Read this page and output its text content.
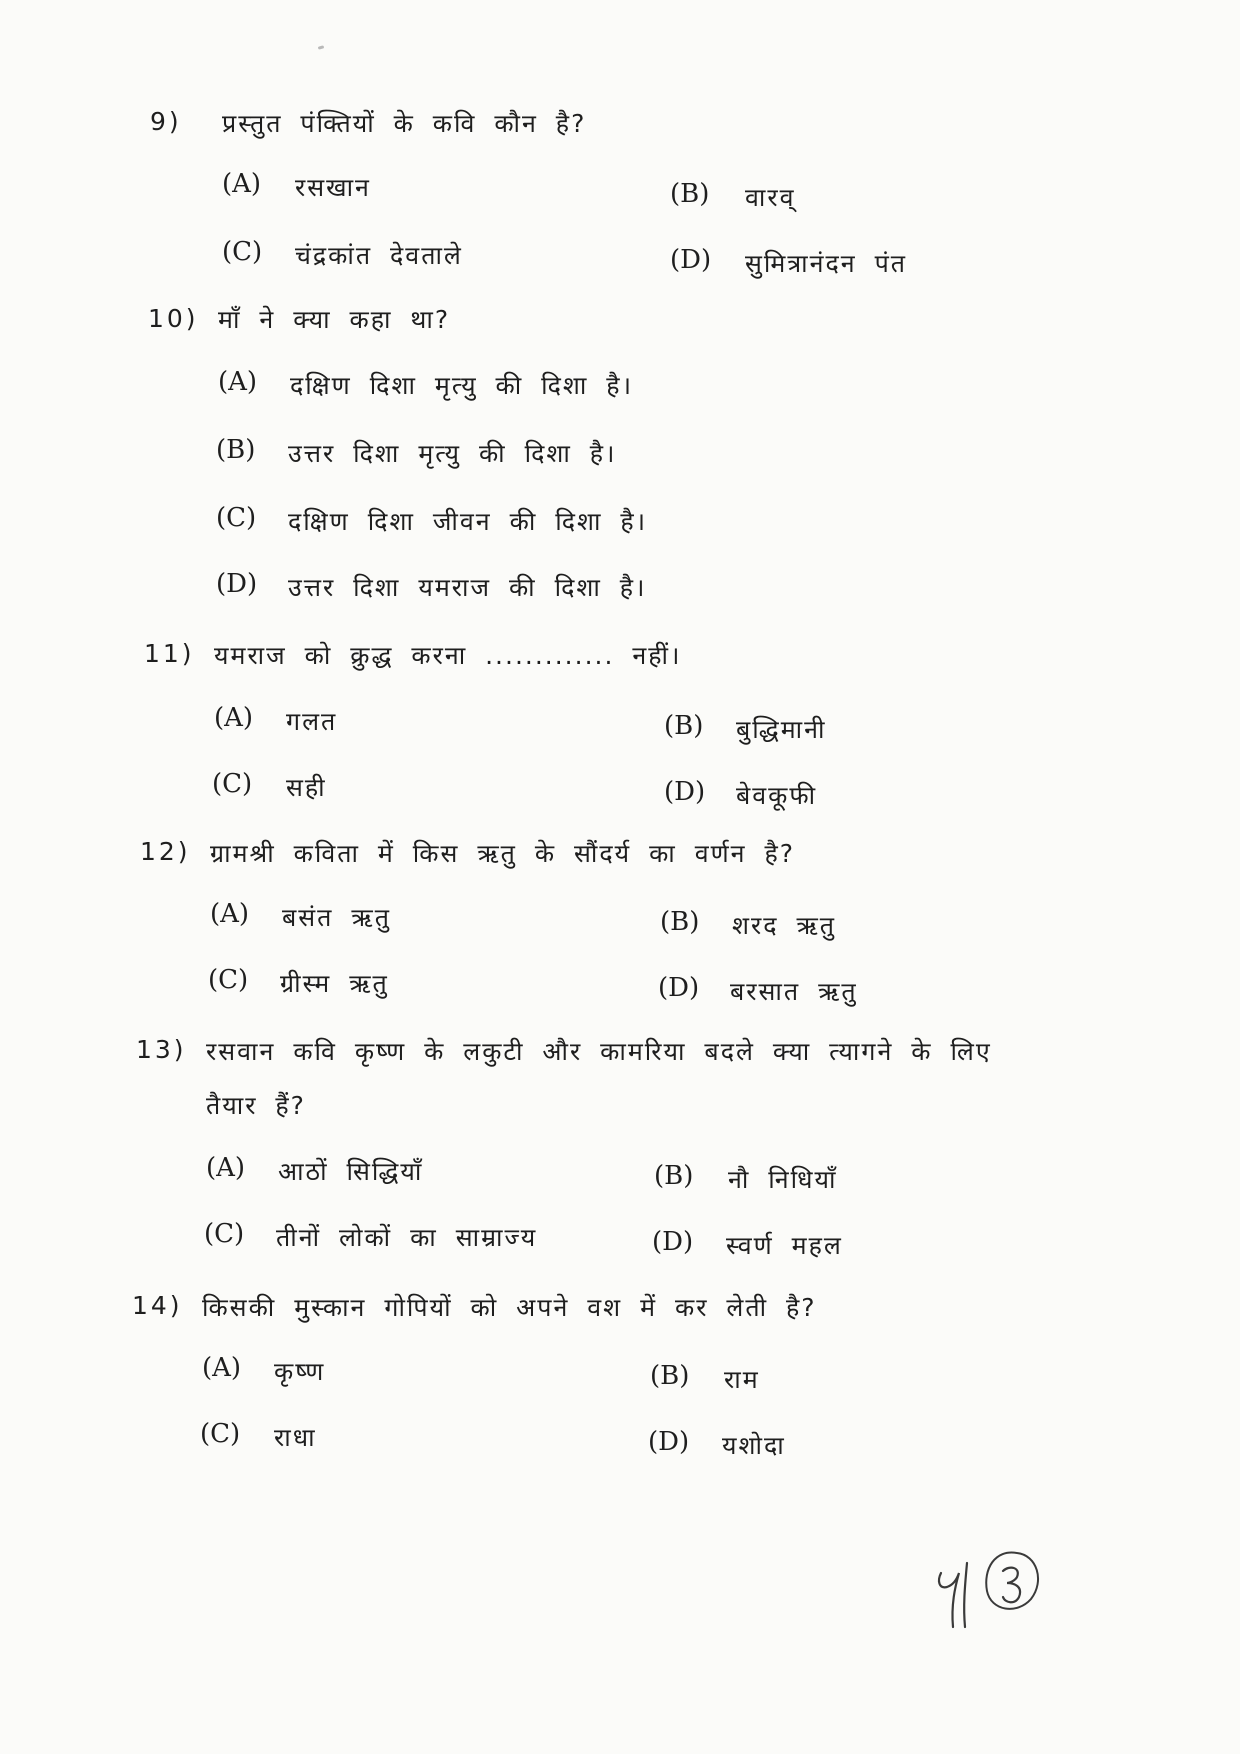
9) प्रस्तुत पंक्तियों के कवि कौन है?
(A) रसखान	(B) वारव्
(C) चंद्रकांत देवताले	(D) सुमित्रानंदन पंत
10) माँ ने क्या कहा था?
(A) दक्षिण दिशा मृत्यु की दिशा है।
(B) उत्तर दिशा मृत्यु की दिशा है।
(C) दक्षिण दिशा जीवन की दिशा है।
(D) उत्तर दिशा यमराज की दिशा है।
11) यमराज को क्रुद्ध करना ............. नहीं।
(A) गलत	(B) बुद्धिमानी
(C) सही	(D) बेवकूफी
12) ग्रामश्री कविता में किस ऋतु के सौंदर्य का वर्णन है?
(A) बसंत ऋतु	(B) शरद ऋतु
(C) ग्रीस्म ऋतु	(D) बरसात ऋतु
13) रसवान कवि कृष्ण के लकुटी और कामरिया बदले क्या त्यागने के लिए
तैयार हैं?
(A) आठों सिद्धियाँ	(B) नौ निधियाँ
(C) तीनों लोकों का साम्राज्य	(D) स्वर्ण महल
14) किसकी मुस्कान गोपियों को अपने वश में कर लेती है?
(A) कृष्ण	(B) राम
(C) राधा	(D) यशोदा
